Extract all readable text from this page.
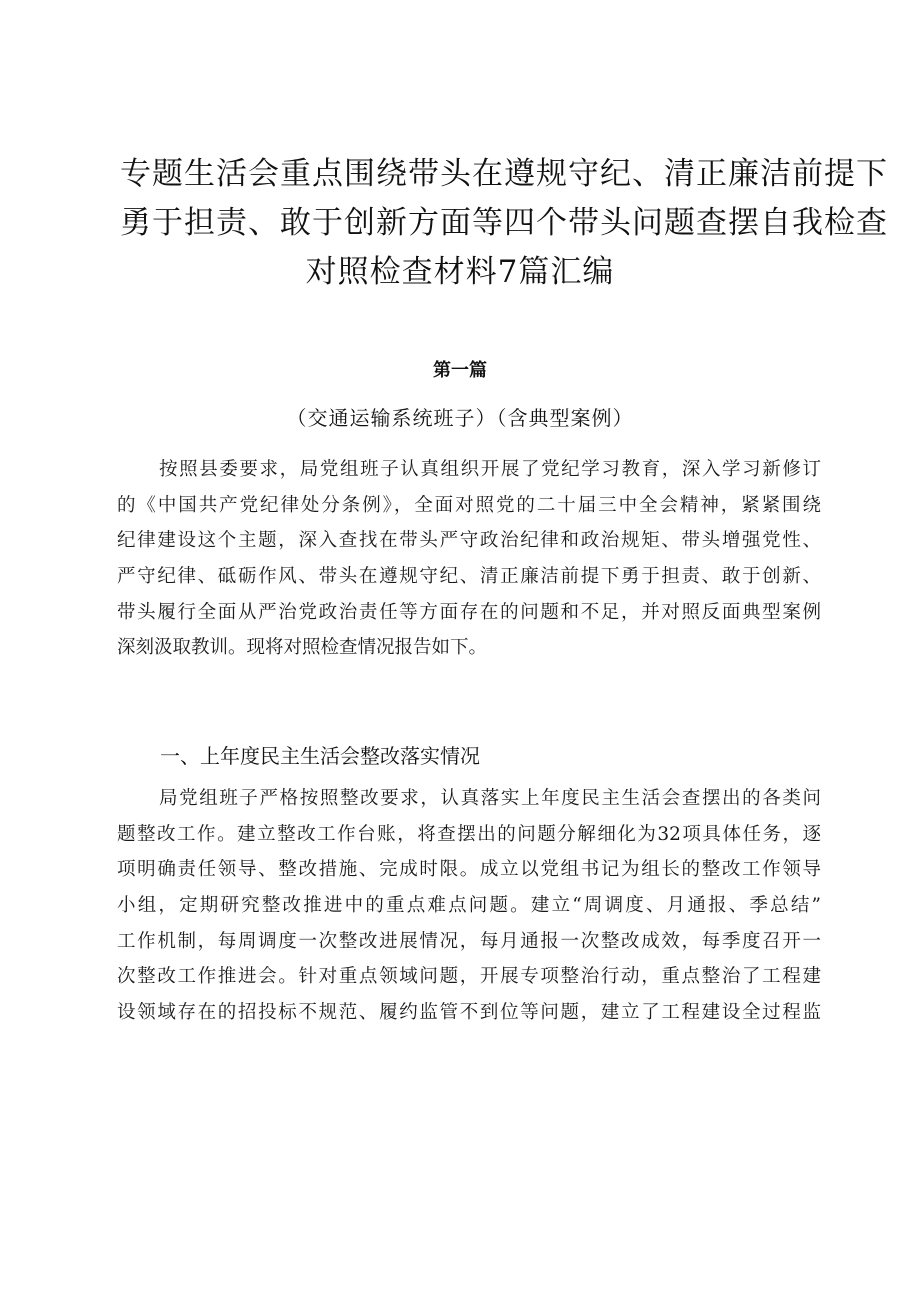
专题生活会重点围绕带头在遵规守纪、清正廉洁前提下
勇于担责、敢于创新方面等四个带头问题查摆自我检查
对照检查材料7篇汇编
第一篇
（交通运输系统班子）（含典型案例）
按照县委要求，局党组班子认真组织开展了党纪学习教育，深入学习新修订
的《中国共产党纪律处分条例》，全面对照党的二十届三中全会精神，紧紧围绕
纪律建设这个主题，深入查找在带头严守政治纪律和政治规矩、带头增强党性、
严守纪律、砥砺作风、带头在遵规守纪、清正廉洁前提下勇于担责、敢于创新、
带头履行全面从严治党政治责任等方面存在的问题和不足，并对照反面典型案例
深刻汲取教训。现将对照检查情况报告如下。
一、上年度民主生活会整改落实情况
局党组班子严格按照整改要求，认真落实上年度民主生活会查摆出的各类问
题整改工作。建立整改工作台账，将查摆出的问题分解细化为32项具体任务，逐
项明确责任领导、整改措施、完成时限。成立以党组书记为组长的整改工作领导
小组，定期研究整改推进中的重点难点问题。建立“周调度、月通报、季总结”
工作机制，每周调度一次整改进展情况，每月通报一次整改成效，每季度召开一
次整改工作推进会。针对重点领域问题，开展专项整治行动，重点整治了工程建
设领域存在的招投标不规范、履约监管不到位等问题，建立了工程建设全过程监
